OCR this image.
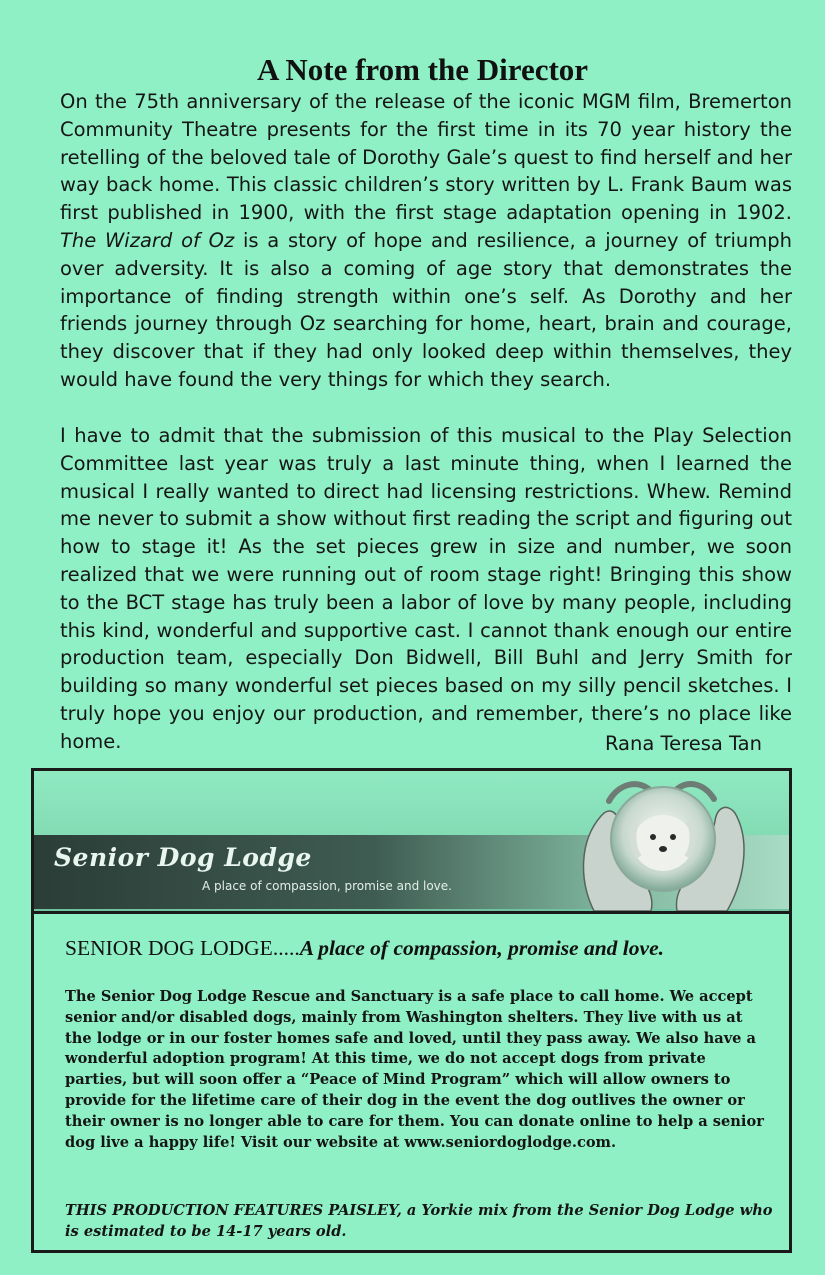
A Note from the Director

On the 75th anniversary of the release of the iconic MGM film, Bremerton Community Theatre presents for the first time in its 70 year history the retelling of the beloved tale of Dorothy Gale’s quest to find herself and her way back home. This classic children’s story written by L. Frank Baum was first published in 1900, with the first stage adaptation opening in 1902. The Wizard of Oz is a story of hope and resilience, a journey of triumph over adversity. It is also a coming of age story that demonstrates the importance of finding strength within one’s self. As Dorothy and her friends journey through Oz searching for home, heart, brain and courage, they discover that if they had only looked deep within themselves, they would have found the very things for which they search.

I have to admit that the submission of this musical to the Play Selection Committee last year was truly a last minute thing, when I learned the musical I really wanted to direct had licensing restrictions. Whew. Remind me never to submit a show without first reading the script and figuring out how to stage it! As the set pieces grew in size and number, we soon realized that we were running out of room stage right! Bringing this show to the BCT stage has truly been a labor of love by many people, including this kind, wonderful and supportive cast. I cannot thank enough our entire production team, especially Don Bidwell, Bill Buhl and Jerry Smith for building so many wonderful set pieces based on my silly pencil sketches. I truly hope you enjoy our production, and remember, there’s no place like home.	Rana Teresa Tan
Senior Dog Lodge
A place of compassion, promise and love.
SENIOR DOG LODGE.....A place of compassion, promise and love.

The Senior Dog Lodge Rescue and Sanctuary is a safe place to call home. We accept senior and/or disabled dogs, mainly from Washington shelters. They live with us at the lodge or in our foster homes safe and loved, until they pass away. We also have a wonderful adoption program! At this time, we do not accept dogs from private parties, but will soon offer a “Peace of Mind Program” which will allow owners to provide for the lifetime care of their dog in the event the dog outlives the owner or their owner is no longer able to care for them. You can donate online to help a senior dog live a happy life! Visit our website at www.seniordoglodge.com.

THIS PRODUCTION FEATURES PAISLEY, a Yorkie mix from the Senior Dog Lodge who is estimated to be 14-17 years old.
